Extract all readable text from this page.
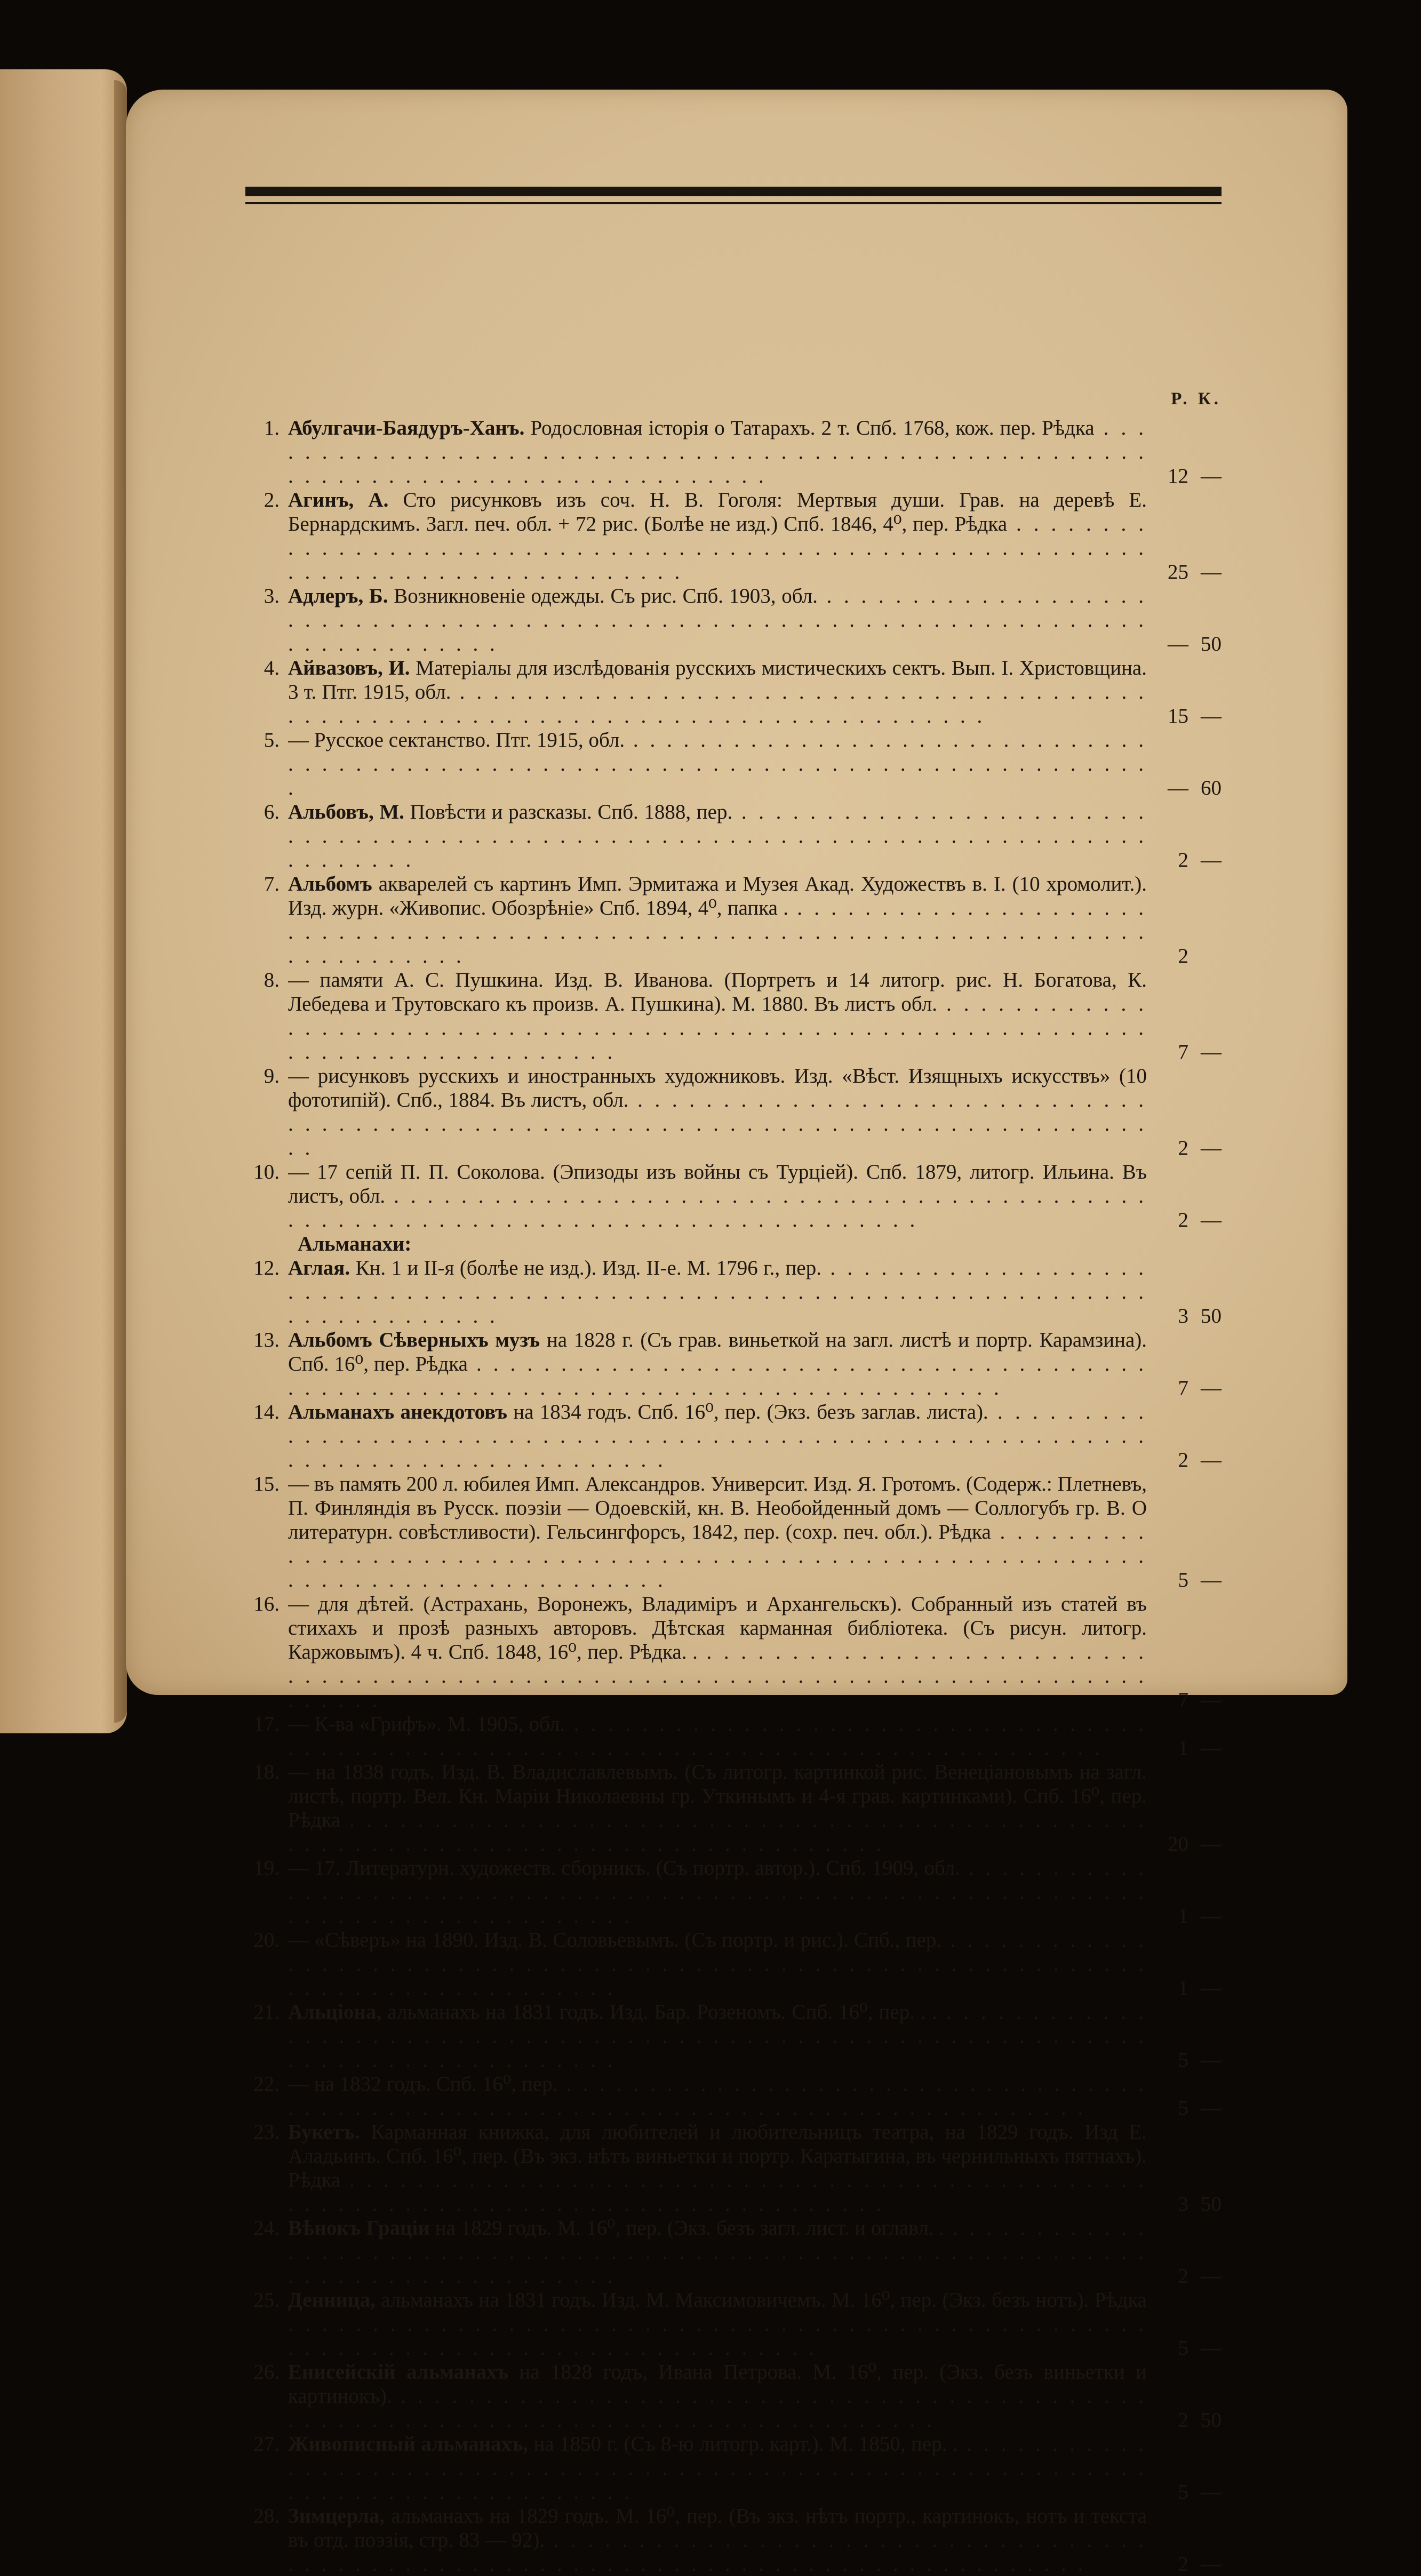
Р. К.
1. Абулгачи-Баядуръ-Ханъ. Родословная історія о Татарахъ. 2 т. Спб. 1768, кож. пер. Рѣдка . . .
12 —
2. Агинъ, А. Сто рисунковъ изъ соч. Н. В. Гоголя: Мертвыя души. Грав. на деревѣ Е. Бернардскимъ. Загл. печ. обл. + 72 рис. (Болѣе не изд.) Спб. 1846, 4⁰, пер. Рѣдка . . .
25 —
3. Адлеръ, Б. Возникновеніе одежды. Съ рис. Спб. 1903, обл. . . .
— 50
4. Айвазовъ, И. Матеріалы для изслѣдованія русскихъ мистическихъ сектъ. Вып. I. Христовщина. 3 т. Птг. 1915, обл. . . .
15 —
5. — Русское сектанство. Птг. 1915, обл. . . .
— 60
6. Альбовъ, М. Повѣсти и разсказы. Спб. 1888, пер. . . .
2 —
7. Альбомъ акварелей съ картинъ Имп. Эрмитажа и Музея Акад. Художествъ в. I. (10 хромолит.). Изд. журн. «Живопис. Обозрѣніе» Спб. 1894, 4⁰, папка . . . .
2
8. — памяти А. С. Пушкина. Изд. В. Иванова. (Портретъ и 14 литогр. рис. Н. Богатова, К. Лебедева и Трутовскаго къ произв. А. Пушкина). М. 1880. Въ листъ обл. . . .
7 —
9. — рисунковъ русскихъ и иностранныхъ художниковъ. Изд. «Вѣст. Изящныхъ искусствъ» (10 фототипій). Спб., 1884. Въ листъ, обл. . . .
2 —
10. — 17 сепій П. П. Соколова. (Эпизоды изъ войны съ Турціей). Спб. 1879, литогр. Ильина. Въ листъ, обл. . . .
2 —
Альманахи:
12. Аглая. Кн. 1 и II-я (болѣе не изд.). Изд. II-е. М. 1796 г., пер. . . .
3 50
13. Альбомъ Сѣверныхъ музъ на 1828 г. (Съ грав. виньеткой на загл. листѣ и портр. Карамзина). Спб. 16⁰, пер. Рѣдка . . .
7 —
14. Альманахъ анекдотовъ на 1834 годъ. Спб. 16⁰, пер. (Экз. безъ заглав. листа). . . .
2 —
15. — въ память 200 л. юбилея Имп. Александров. Университ. Изд. Я. Гротомъ. (Содерж.: Плетневъ, П. Финляндія въ Русск. поэзіи — Одоевскій, кн. В. Необойденный домъ — Соллогубъ гр. В. О литературн. совѣстливости). Гельсингфорсъ, 1842, пер. (сохр. печ. обл.). Рѣдка . . .
5 —
16. — для дѣтей. (Астрахань, Воронежъ, Владиміръ и Архангельскъ). Собранный изъ статей въ стихахъ и прозѣ разныхъ авторовъ. Дѣтская карманная библіотека. (Съ рисун. литогр. Каржовымъ). 4 ч. Спб. 1848, 16⁰, пер. Рѣдка. . . . .
7 —
17. — К-ва «Грифъ». М. 1905, обл. . . .
1 —
18. — на 1838 годъ. Изд. В. Владиславлевымъ. (Съ литогр. картинкой рис. Венеціановымъ на загл. листѣ, портр. Вел. Кн. Маріи Николаевны гр. Уткинымъ и 4-я грав. картинками). Спб. 16⁰, пер. Рѣдка . . .
20 —
19. — 17. Литературн. художеств. сборникъ. (Съ портр. автор.). Спб. 1909, обл. . . .
1 —
20. — «Сѣверъ» на 1890. Изд. В. Соловьевымъ. (Съ портр. и рис.). Спб., пер. . . .
1 —
21. Альціона, альманахъ на 1831 годъ. Изд. Бар. Розеномъ. Спб. 16⁰, пер. . . . . .
5 —
22. — на 1832 годъ. Спб. 16⁰, пер. . . .
5 —
23. Букетъ. Карманная книжка, для любителей и любительницъ театра, на 1829 годъ. Изд Е. Аладьинъ. Спб. 16⁰, пер. (Въ экз. нѣтъ виньетки и портр. Каратыгина, въ чернильныхъ пятнахъ). Рѣдка . . .
3 50
24. Вѣнокъ Грацiи на 1829 годъ. М. 16⁰, пер. (Экз. безъ загл. лист. и оглавл. . . . .
2 —
25. Денница, альманахъ на 1831 годъ. Изд. М. Максимовичемъ. М. 16⁰, пер. (Экз. безъ нотъ). Рѣдка . . .
5 —
26. Енисейскій альманахъ на 1828 годъ, Ивана Петрова. М. 16⁰, пер. (Экз. безъ виньетки и картинокъ). . . .
2 50
27. Живописный альманахъ, на 1850 г. (Съ 8-ю литогр. карт.). М. 1850, пер. . . . .
5 —
28. Зимцерла, альманахъ на 1829 годъ. М. 16⁰, пер. (Въ экз. нѣтъ портр., картинокъ, нотъ и текста въ отд. поэзія, стр. 83 — 92). . . .
2 —
